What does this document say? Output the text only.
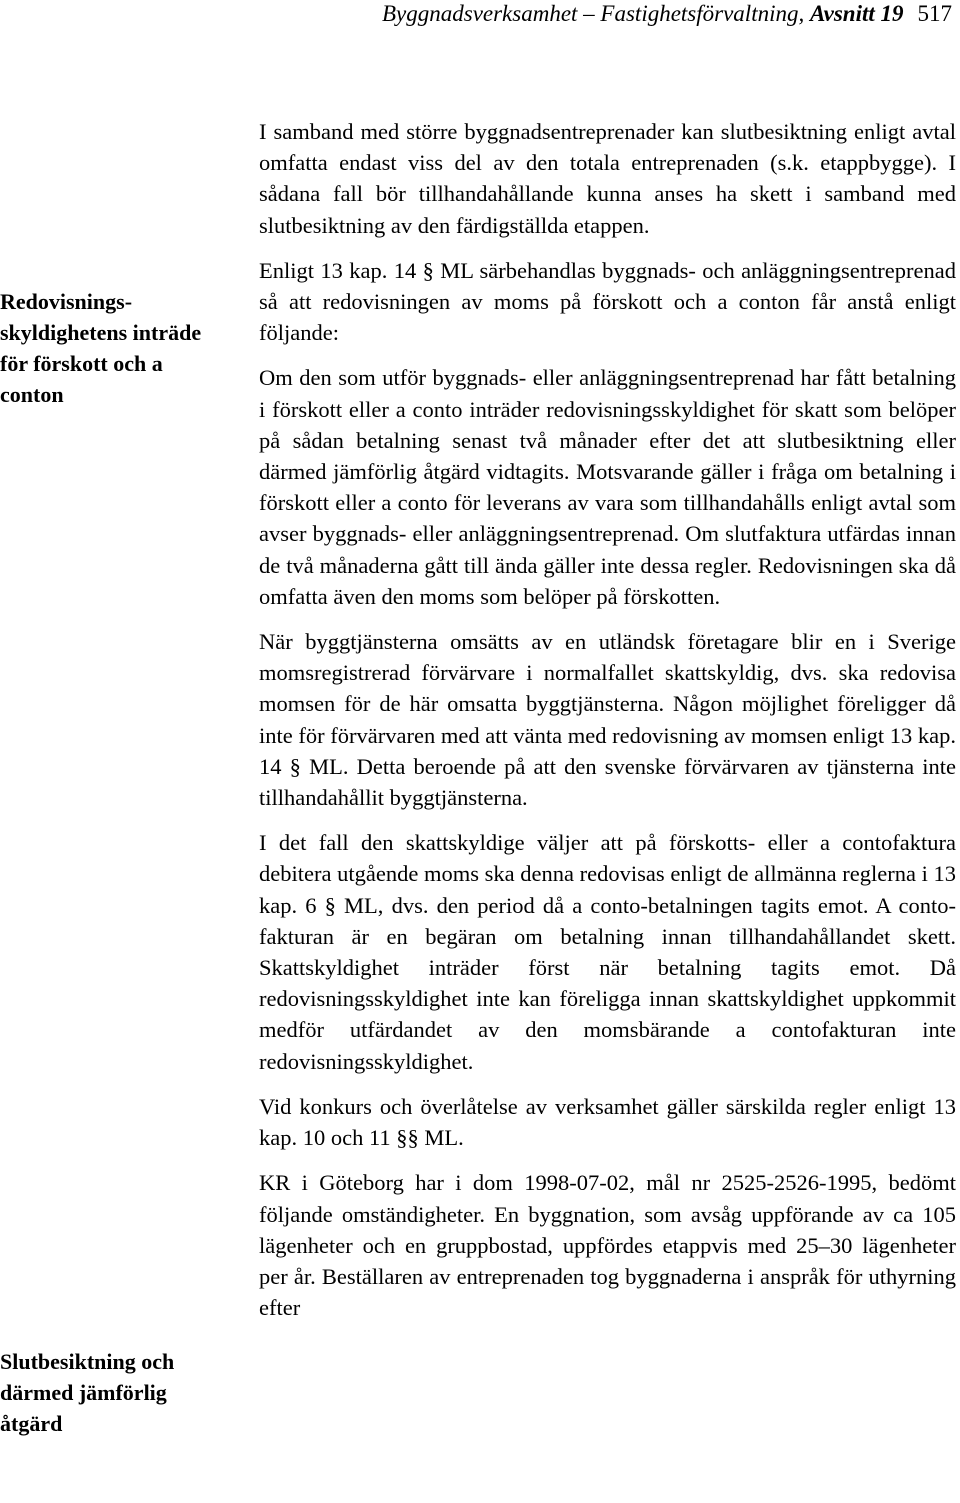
Byggnadsverksamhet – Fastighetsförvaltning, Avsnitt 19 517
Redovisnings-skyldighetens inträde för förskott och a conton
Slutbesiktning och därmed jämförlig åtgärd

I samband med större byggnadsentreprenader kan slutbesiktning enligt avtal omfatta endast viss del av den totala entreprenaden (s.k. etappbygge). I sådana fall bör tillhandahållande kunna anses ha skett i samband med slutbesiktning av den färdigställda etappen.

Enligt 13 kap. 14 § ML särbehandlas byggnads- och anläggningsentreprenad så att redovisningen av moms på förskott och a conton får anstå enligt följande:

Om den som utför byggnads- eller anläggningsentreprenad har fått betalning i förskott eller a conto inträder redovisningsskyldighet för skatt som belöper på sådan betalning senast två månader efter det att slutbesiktning eller därmed jämförlig åtgärd vidtagits. Motsvarande gäller i fråga om betalning i förskott eller a conto för leverans av vara som tillhandahålls enligt avtal som avser byggnads- eller anläggningsentreprenad. Om slutfaktura utfärdas innan de två månaderna gått till ända gäller inte dessa regler. Redovisningen ska då omfatta även den moms som belöper på förskotten.

När byggtjänsterna omsätts av en utländsk företagare blir en i Sverige momsregistrerad förvärvare i normalfallet skattskyldig, dvs. ska redovisa momsen för de här omsatta byggtjänsterna. Någon möjlighet föreligger då inte för förvärvaren med att vänta med redovisning av momsen enligt 13 kap. 14 § ML. Detta beroende på att den svenske förvärvaren av tjänsterna inte tillhandahållit byggtjänsterna.

I det fall den skattskyldige väljer att på förskotts- eller a contofaktura debitera utgående moms ska denna redovisas enligt de allmänna reglerna i 13 kap. 6 § ML, dvs. den period då a conto-betalningen tagits emot. A conto-fakturan är en begäran om betalning innan tillhandahållandet skett. Skattskyldighet inträder först när betalning tagits emot. Då redovisningsskyldighet inte kan föreligga innan skattskyldighet uppkommit medför utfärdandet av den momsbärande a contofakturan inte redovisningsskyldighet.

Vid konkurs och överlåtelse av verksamhet gäller särskilda regler enligt 13 kap. 10 och 11 §§ ML.

KR i Göteborg har i dom 1998-07-02, mål nr 2525-2526-1995, bedömt följande omständigheter. En byggnation, som avsåg uppförande av ca 105 lägenheter och en gruppbostad, uppfördes etappvis med 25–30 lägenheter per år. Beställaren av entreprenaden tog byggnaderna i anspråk för uthyrning efter
